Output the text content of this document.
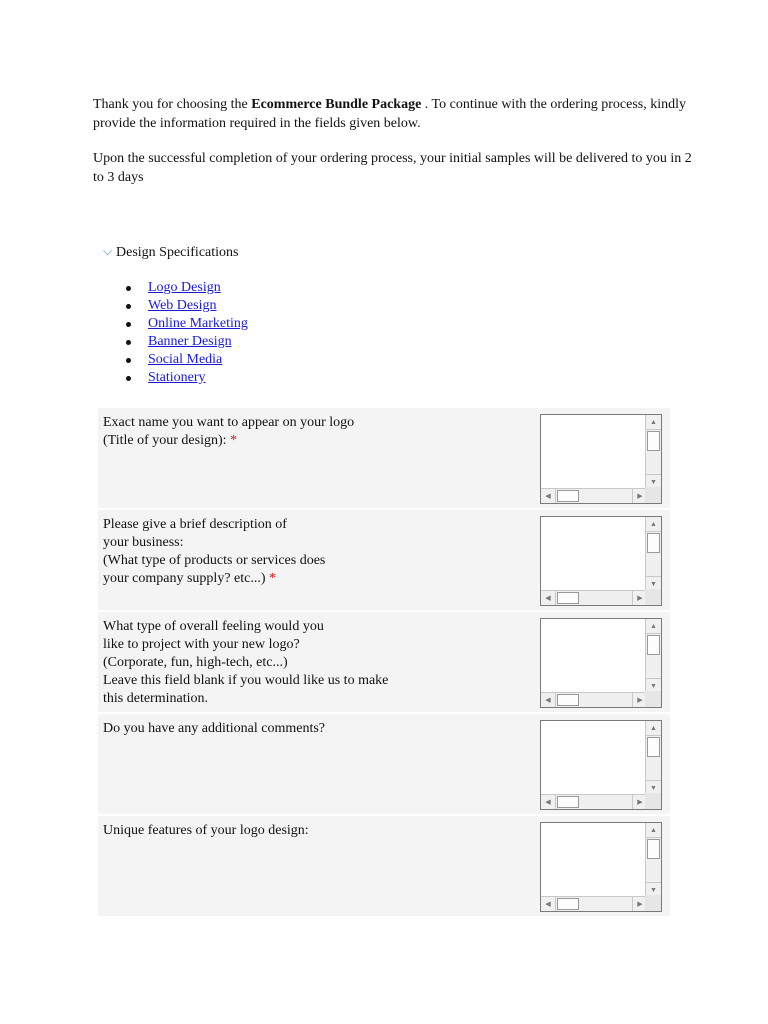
Thank you for choosing the Ecommerce Bundle Package . To continue with the ordering process, kindly provide the information required in the fields given below.

Upon the successful completion of your ordering process, your initial samples will be delivered to you in 2 to 3 days

⌵ Design Specifications
Logo Design
Web Design
Online Marketing
Banner Design
Social Media
Stationery
Exact name you want to appear on your logo
(Title of your design): *
▲
▼
◀	▶
Please give a brief description of
your business:
(What type of products or services does
your company supply? etc...) *
▲
▼
◀	▶
What type of overall feeling would you
like to project with your new logo?
(Corporate, fun, high-tech, etc...)
Leave this field blank if you would like us to make
this determination.
▲
▼
◀	▶
Do you have any additional comments?	▲
▼
◀	▶
Unique features of your logo design:	▲
▼
◀	▶
